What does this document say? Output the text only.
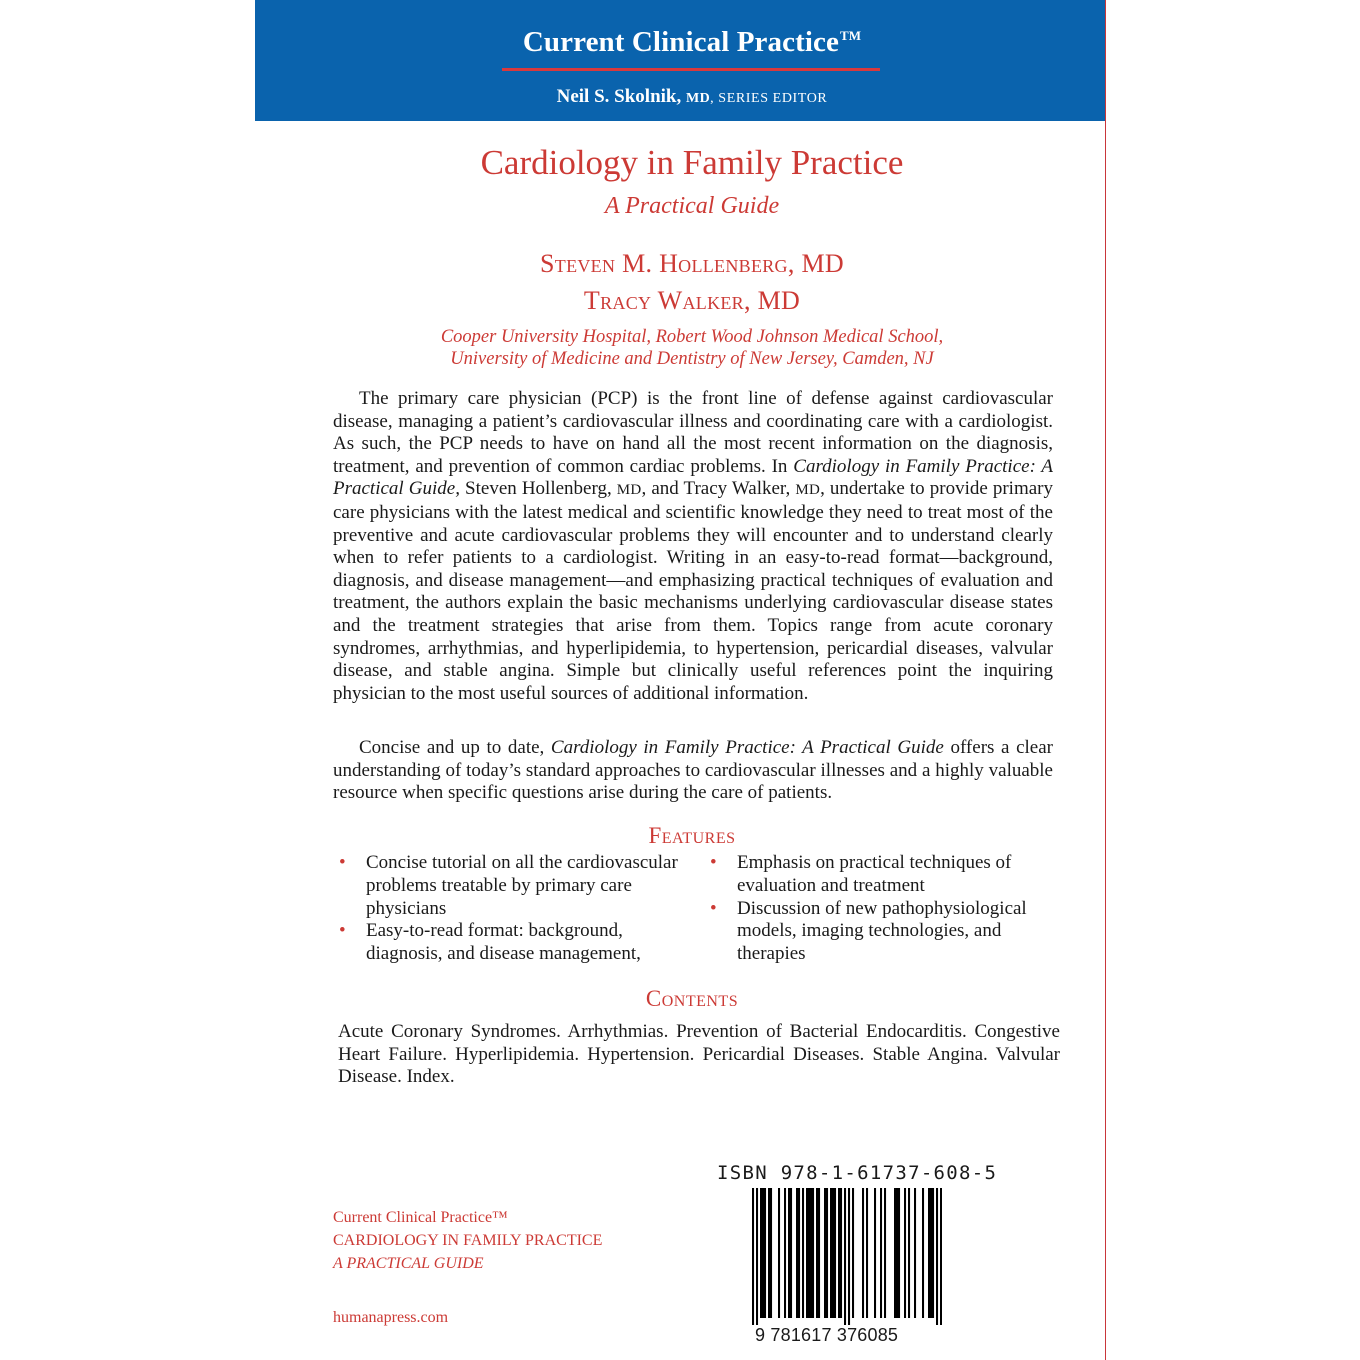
Current Clinical Practice™
Neil S. Skolnik, MD, SERIES EDITOR
Cardiology in Family Practice
A Practical Guide
Steven M. Hollenberg, MD
Tracy Walker, MD
Cooper University Hospital, Robert Wood Johnson Medical School,
University of Medicine and Dentistry of New Jersey, Camden, NJ

The primary care physician (PCP) is the front line of defense against cardiovascular disease, managing a patient’s cardiovascular illness and coordinating care with a cardiologist. As such, the PCP needs to have on hand all the most recent information on the diagnosis, treatment, and prevention of common cardiac problems. In Cardiology in Family Practice: A Practical Guide, Steven Hollenberg, MD, and Tracy Walker, MD, undertake to provide primary care physicians with the latest medical and scientific knowledge they need to treat most of the preventive and acute cardiovascular problems they will encounter and to understand clearly when to refer patients to a cardiologist. Writing in an easy-to-read format—background, diagnosis, and disease management—and emphasizing practical techniques of evaluation and treatment, the authors explain the basic mechanisms underlying cardiovascular disease states and the treatment strategies that arise from them. Topics range from acute coronary syndromes, arrhythmias, and hyperlipidemia, to hypertension, pericardial diseases, valvular disease, and stable angina. Simple but clinically useful references point the inquiring physician to the most useful sources of additional information.

Concise and up to date, Cardiology in Family Practice: A Practical Guide offers a clear understanding of today’s standard approaches to cardiovascular illnesses and a highly valuable resource when specific questions arise during the care of patients.

Features
• Concise tutorial on all the cardiovascular problems treatable by primary care physicians
• Easy-to-read format: background, diagnosis, and disease management,
• Emphasis on practical techniques of evaluation and treatment
• Discussion of new pathophysiological models, imaging technologies, and therapies
Contents
Acute Coronary Syndromes. Arrhythmias. Prevention of Bacterial Endocarditis. Congestive Heart Failure. Hyperlipidemia. Hypertension. Pericardial Diseases. Stable Angina. Valvular Disease. Index.
ISBN 978-1-61737-608-5
9 781617 376085
Current Clinical Practice™
CARDIOLOGY IN FAMILY PRACTICE
A PRACTICAL GUIDE
humanapress.com
